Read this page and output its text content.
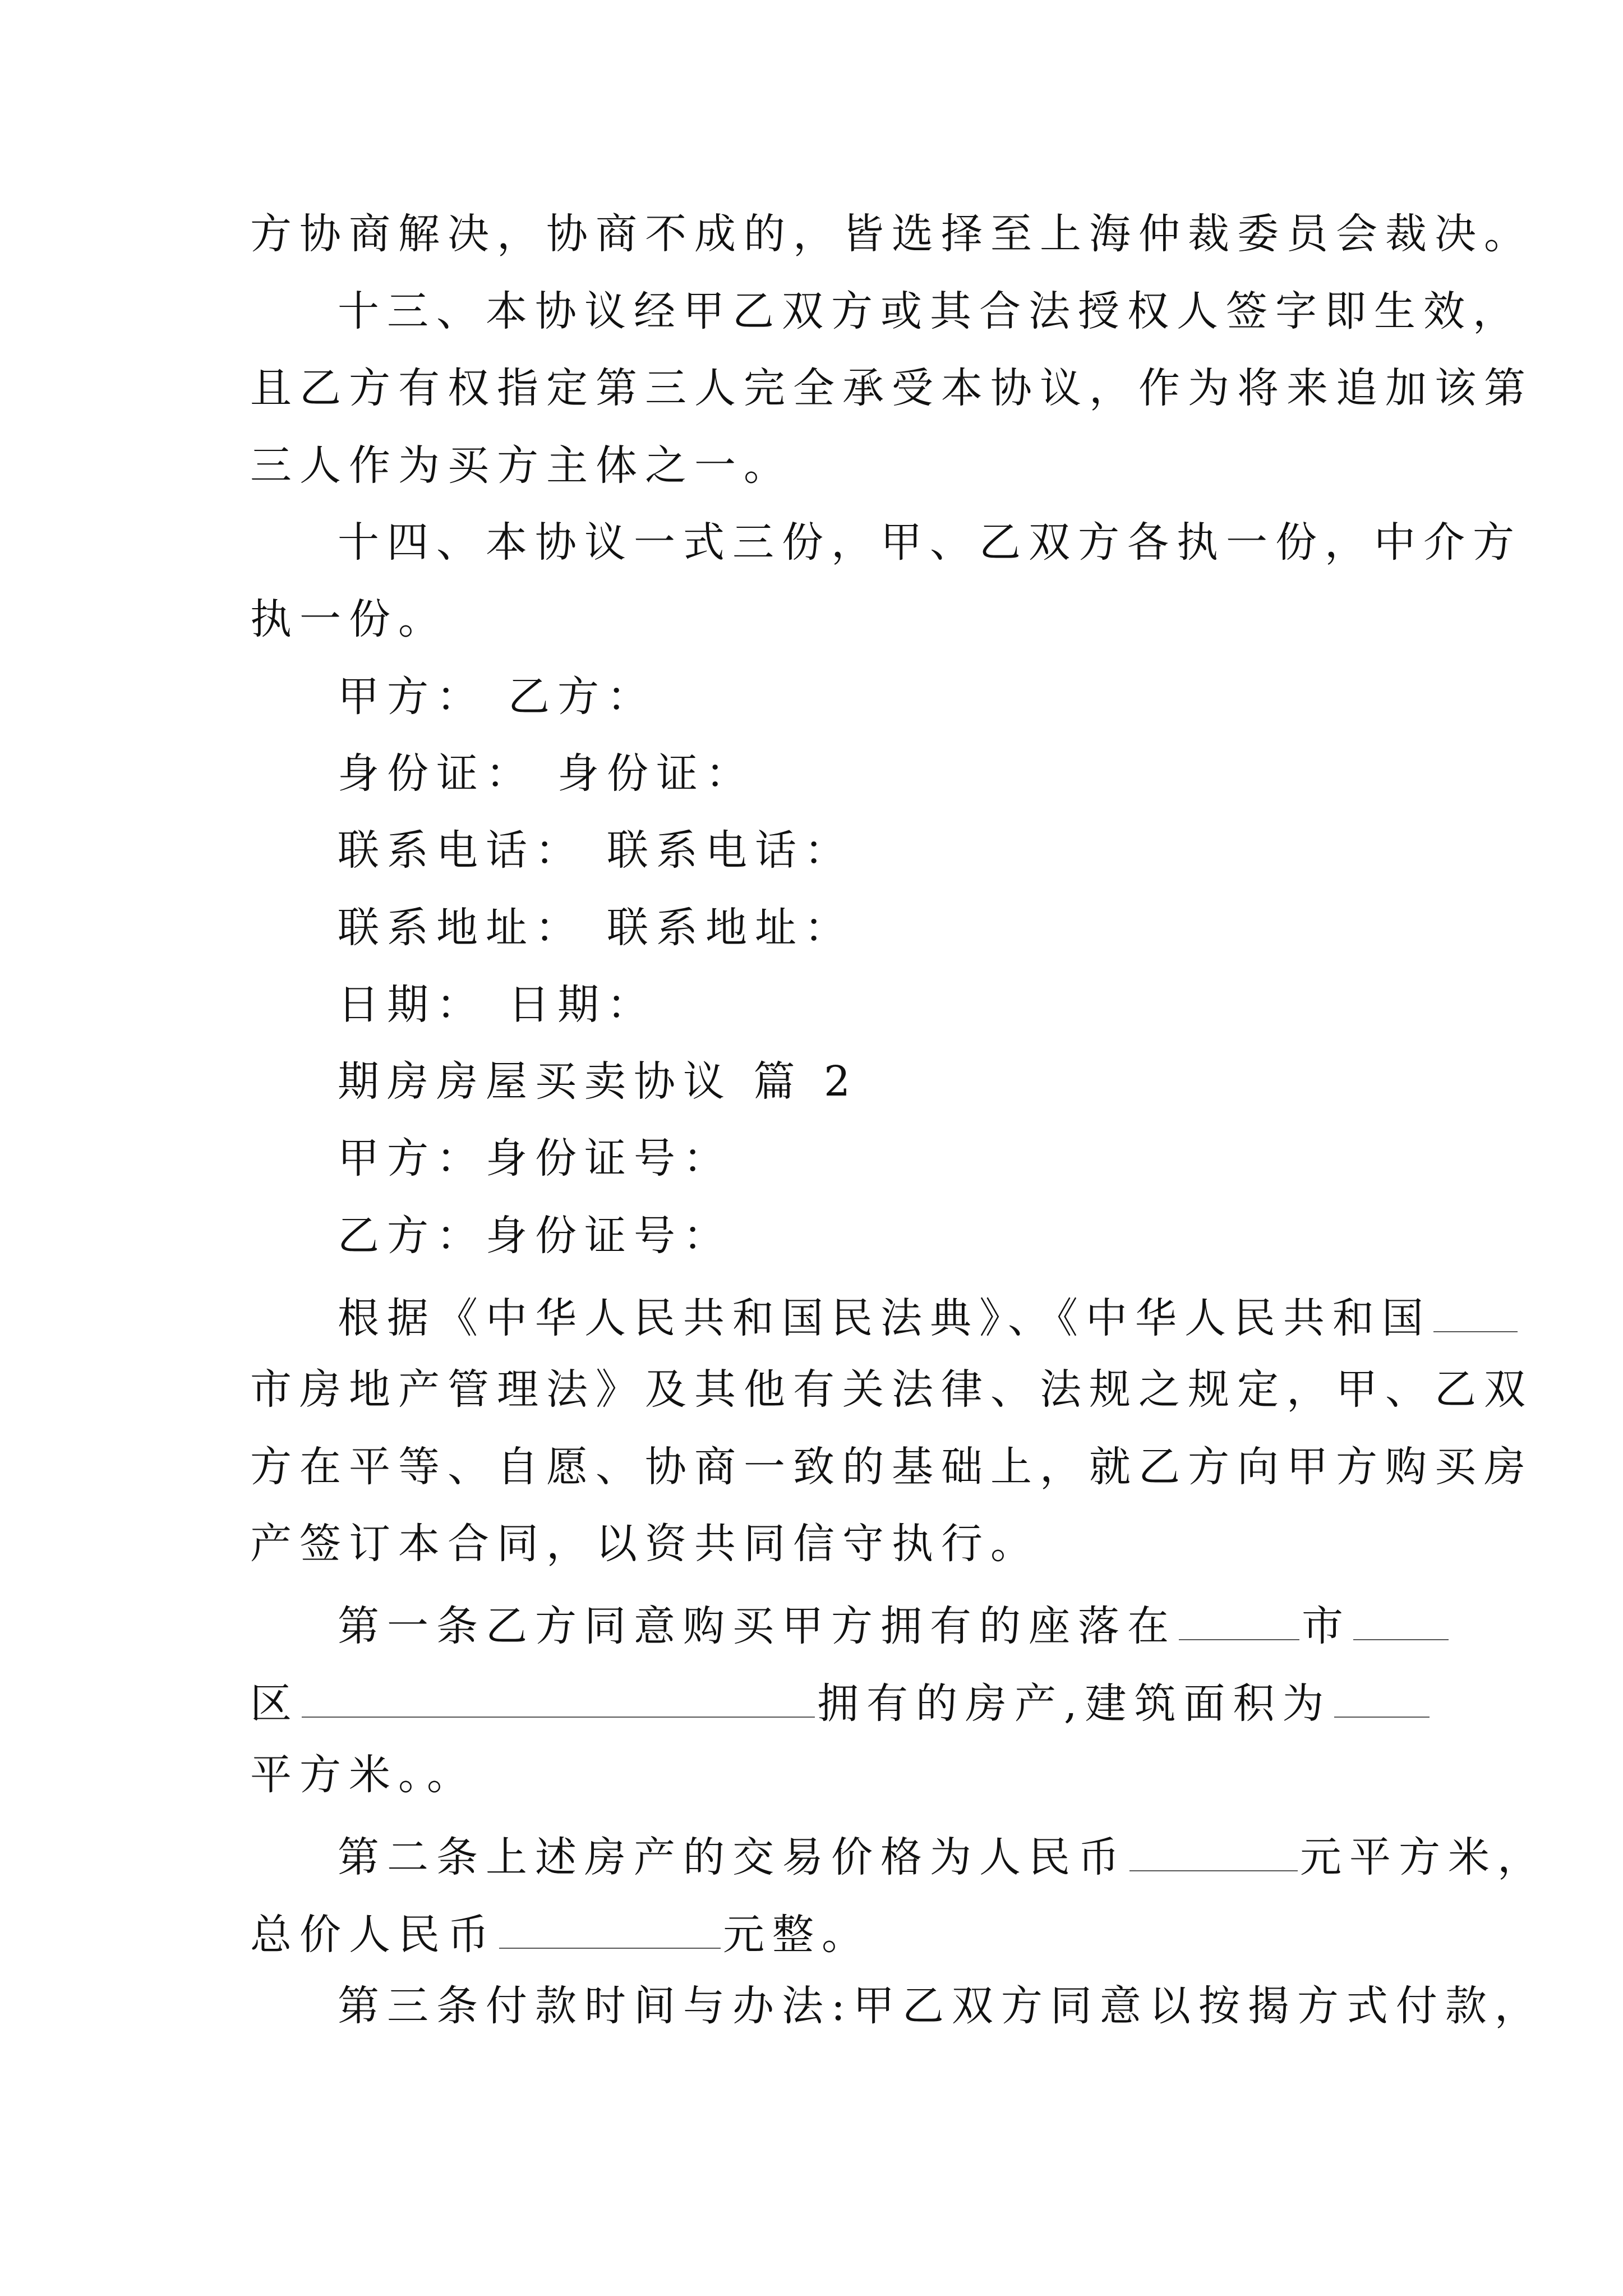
方协商解决，协商不成的，皆选择至上海仲裁委员会裁决。
十三、本协议经甲乙双方或其合法授权人签字即生效，
且乙方有权指定第三人完全承受本协议，作为将来追加该第
三人作为买方主体之一。
十四、本协议一式三份，甲、乙双方各执一份，中介方
执一份。
甲方： 乙方：
身份证： 身份证：
联系电话： 联系电话：
联系地址： 联系地址：
日期： 日期：
期房房屋买卖协议 篇 2
甲方：身份证号：
乙方：身份证号：
根据《中华人民共和国民法典》、《中华人民共和国
市房地产管理法》及其他有关法律、法规之规定，甲、乙双
方在平等、自愿、协商一致的基础上，就乙方向甲方购买房
产签订本合同，以资共同信守执行。
第一条乙方同意购买甲方拥有的座落在	市
区	拥有的房产,建筑面积为
平方米。。
第二条上述房产的交易价格为人民币	元平方米，
总价人民币	元整。
第三条付款时间与办法:甲乙双方同意以按揭方式付款，
